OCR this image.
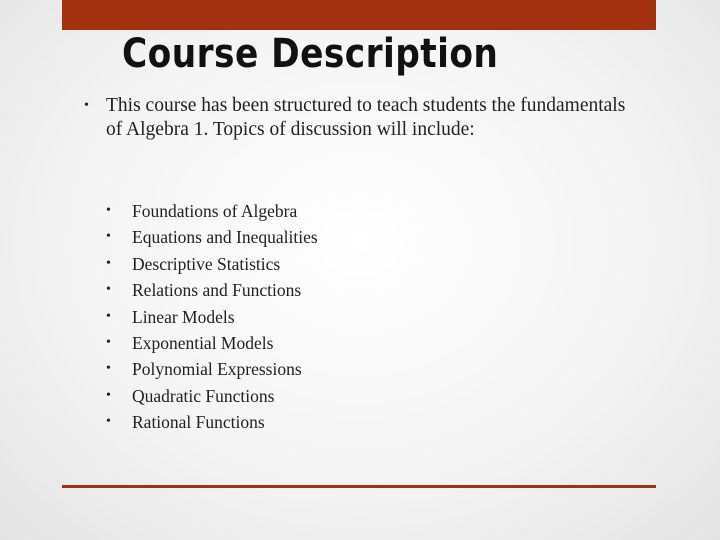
Course Description
• This course has been structured to teach students the fundamentals of Algebra 1. Topics of discussion will include:
•	Foundations of Algebra
•	Equations and Inequalities
•	Descriptive Statistics
•	Relations and Functions
•	Linear Models
•	Exponential Models
•	Polynomial Expressions
•	Quadratic Functions
•	Rational Functions
